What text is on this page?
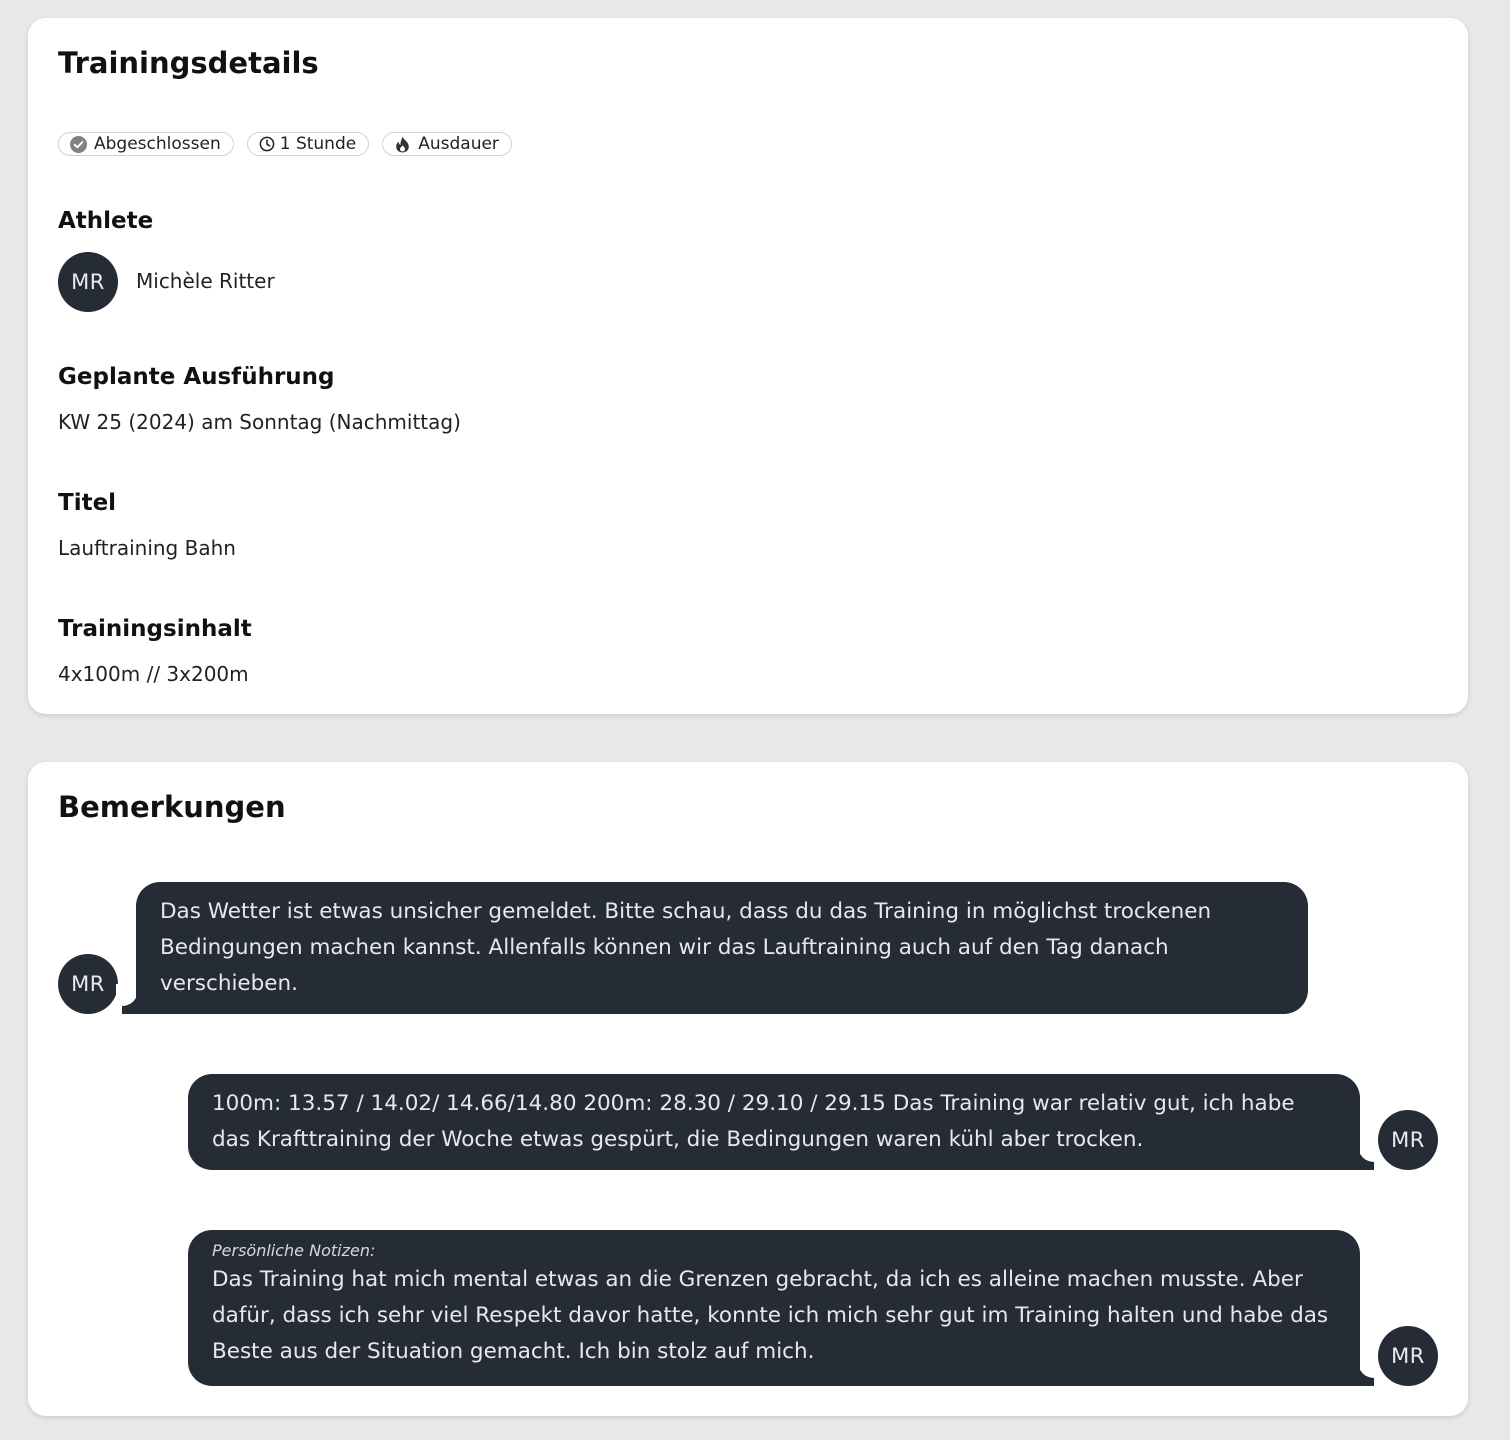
Trainingsdetails
Abgeschlossen	1 Stunde	Ausdauer
Athlete
MR	Michèle Ritter
Geplante Ausführung
KW 25 (2024) am Sonntag (Nachmittag)
Titel
Lauftraining Bahn
Trainingsinhalt
4x100m // 3x200m
Bemerkungen
MR

Das Wetter ist etwas unsicher gemeldet. Bitte schau, dass du das Training in möglichst trockenen Bedingungen machen kannst. Allenfalls können wir das Lauftraining auch auf den Tag danach verschieben.

100m: 13.57 / 14.02/ 14.66/14.80 200m: 28.30 / 29.10 / 29.15 Das Training war relativ gut, ich habe das Krafttraining der Woche etwas gespürt, die Bedingungen waren kühl aber trocken.	MR
Persönliche Notizen:

Das Training hat mich mental etwas an die Grenzen gebracht, da ich es alleine machen musste. Aber dafür, dass ich sehr viel Respekt davor hatte, konnte ich mich sehr gut im Training halten und habe das Beste aus der Situation gemacht. Ich bin stolz auf mich.	MR
